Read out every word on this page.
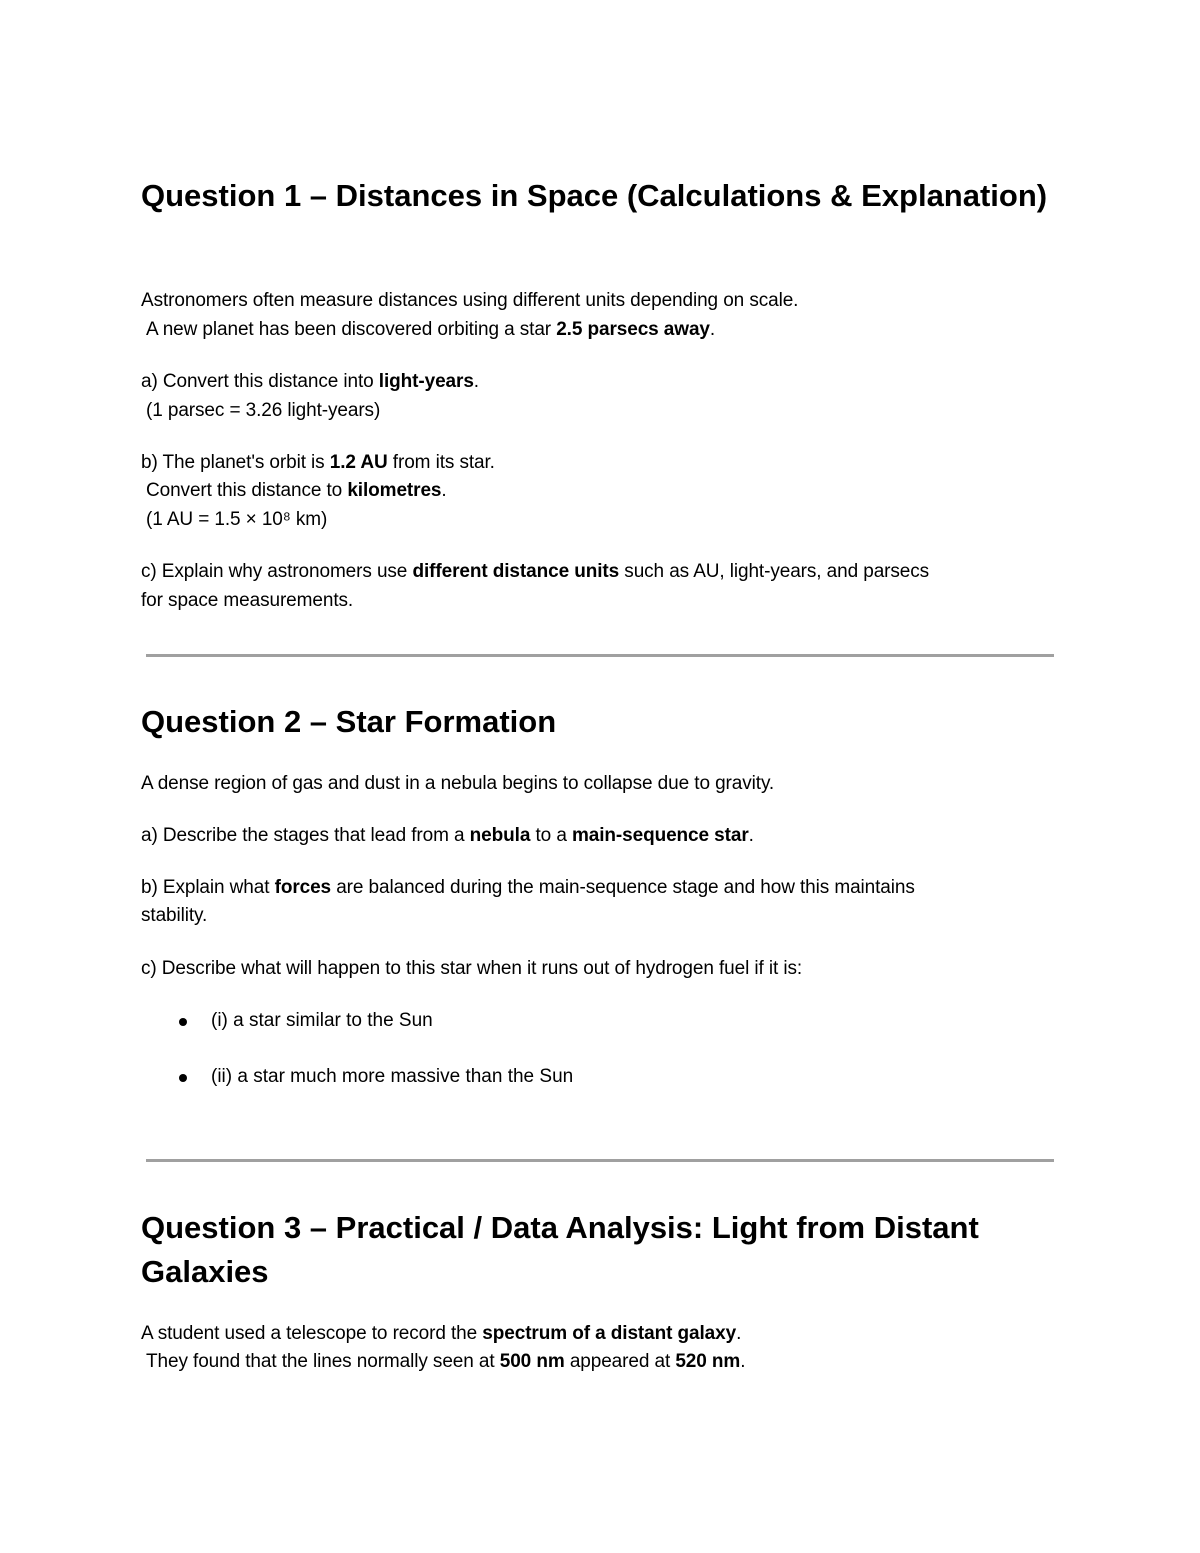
Question 1 – Distances in Space (Calculations & Explanation)

Astronomers often measure distances using different units depending on scale.

A new planet has been discovered orbiting a star 2.5 parsecs away.

a) Convert this distance into light-years.

(1 parsec = 3.26 light-years)

b) The planet's orbit is 1.2 AU from its star.

Convert this distance to kilometres.

(1 AU = 1.5 × 10⁸ km)

c) Explain why astronomers use different distance units such as AU, light-years, and parsecs

for space measurements.

Question 2 – Star Formation

A dense region of gas and dust in a nebula begins to collapse due to gravity.

a) Describe the stages that lead from a nebula to a main-sequence star.

b) Explain what forces are balanced during the main-sequence stage and how this maintains

stability.

c) Describe what will happen to this star when it runs out of hydrogen fuel if it is:

(i) a star similar to the Sun
(ii) a star much more massive than the Sun
Question 3 – Practical / Data Analysis: Light from Distant
Galaxies

A student used a telescope to record the spectrum of a distant galaxy.

They found that the lines normally seen at 500 nm appeared at 520 nm.
